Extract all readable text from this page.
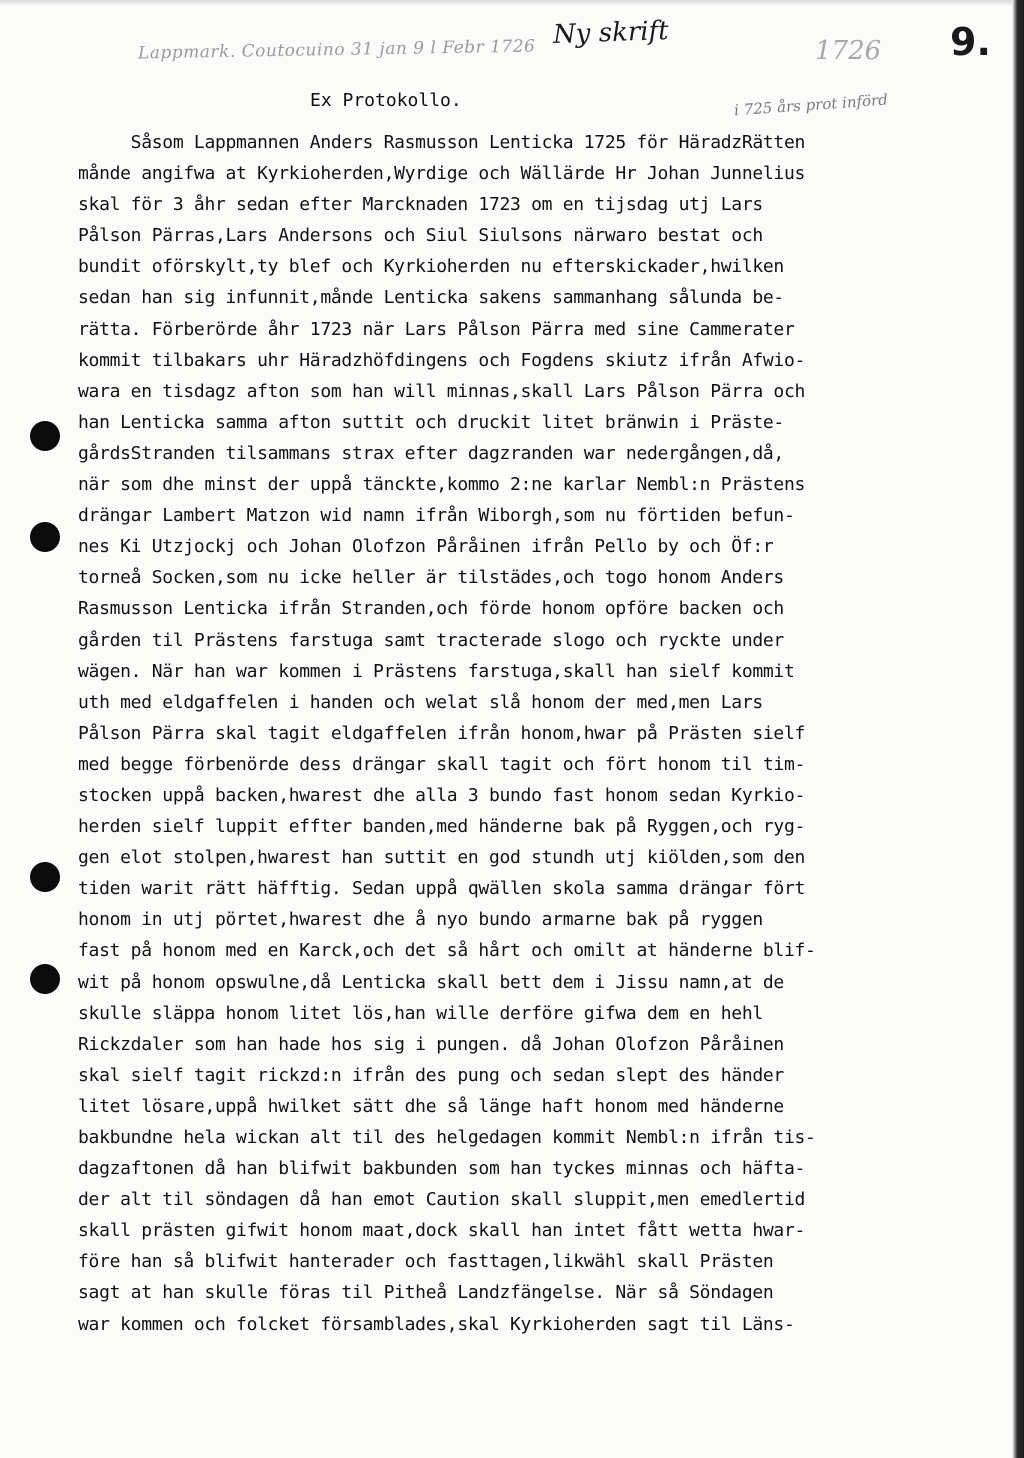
Lappmark. Coutocuino 31 jan 9 l Febr 1726 Ny skrift
1726 9.
i 725 års prot införd
Ex Protokollo.
Såsom Lappmannen Anders Rasmusson Lenticka 1725 för HäradzRätten
månde angifwa at Kyrkioherden,Wyrdige och Wällärde Hr Johan Junnelius
skal för 3 åhr sedan efter Marcknaden 1723 om en tijsdag utj Lars
Pålson Pärras,Lars Andersons och Siul Siulsons närwaro bestat och
bundit oförskylt,ty blef och Kyrkioherden nu efterskickader,hwilken
sedan han sig infunnit,månde Lenticka sakens sammanhang sålunda be-
rätta. Förberörde åhr 1723 när Lars Pålson Pärra med sine Cammerater
kommit tilbakars uhr Häradzhöfdingens och Fogdens skiutz ifrån Afwio-
wara en tisdagz afton som han will minnas,skall Lars Pålson Pärra och
han Lenticka samma afton suttit och druckit litet bränwin i Präste-
gårdsStranden tilsammans strax efter dagzranden war nedergången,då,
när som dhe minst der uppå tänckte,kommo 2:ne karlar Nembl:n Prästens
drängar Lambert Matzon wid namn ifrån Wiborgh,som nu förtiden befun-
nes Ki Utzjockj och Johan Olofzon Påråinen ifrån Pello by och Öf:r
torneå Socken,som nu icke heller är tilstädes,och togo honom Anders
Rasmusson Lenticka ifrån Stranden,och förde honom opföre backen och
gården til Prästens farstuga samt tracterade slogo och ryckte under
wägen. När han war kommen i Prästens farstuga,skall han sielf kommit
uth med eldgaffelen i handen och welat slå honom der med,men Lars
Pålson Pärra skal tagit eldgaffelen ifrån honom,hwar på Prästen sielf
med begge förbenörde dess drängar skall tagit och fört honom til tim-
stocken uppå backen,hwarest dhe alla 3 bundo fast honom sedan Kyrkio-
herden sielf luppit effter banden,med händerne bak på Ryggen,och ryg-
gen elot stolpen,hwarest han suttit en god stundh utj kiölden,som den
tiden warit rätt häfftig. Sedan uppå qwällen skola samma drängar fört
honom in utj pörtet,hwarest dhe å nyo bundo armarne bak på ryggen
fast på honom med en Karck,och det så hårt och omilt at händerne blif-
wit på honom opswulne,då Lenticka skall bett dem i Jissu namn,at de
skulle släppa honom litet lös,han wille derföre gifwa dem en hehl
Rickzdaler som han hade hos sig i pungen. då Johan Olofzon Påråinen
skal sielf tagit rickzd:n ifrån des pung och sedan slept des händer
litet lösare,uppå hwilket sätt dhe så länge haft honom med händerne
bakbundne hela wickan alt til des helgedagen kommit Nembl:n ifrån tis-
dagzaftonen då han blifwit bakbunden som han tyckes minnas och häfta-
der alt til söndagen då han emot Caution skall sluppit,men emedlertid
skall prästen gifwit honom maat,dock skall han intet fått wetta hwar-
före han så blifwit hanterader och fasttagen,likwähl skall Prästen
sagt at han skulle föras til Pitheå Landzfängelse. När så Söndagen
war kommen och folcket församblades,skal Kyrkioherden sagt til Läns-
